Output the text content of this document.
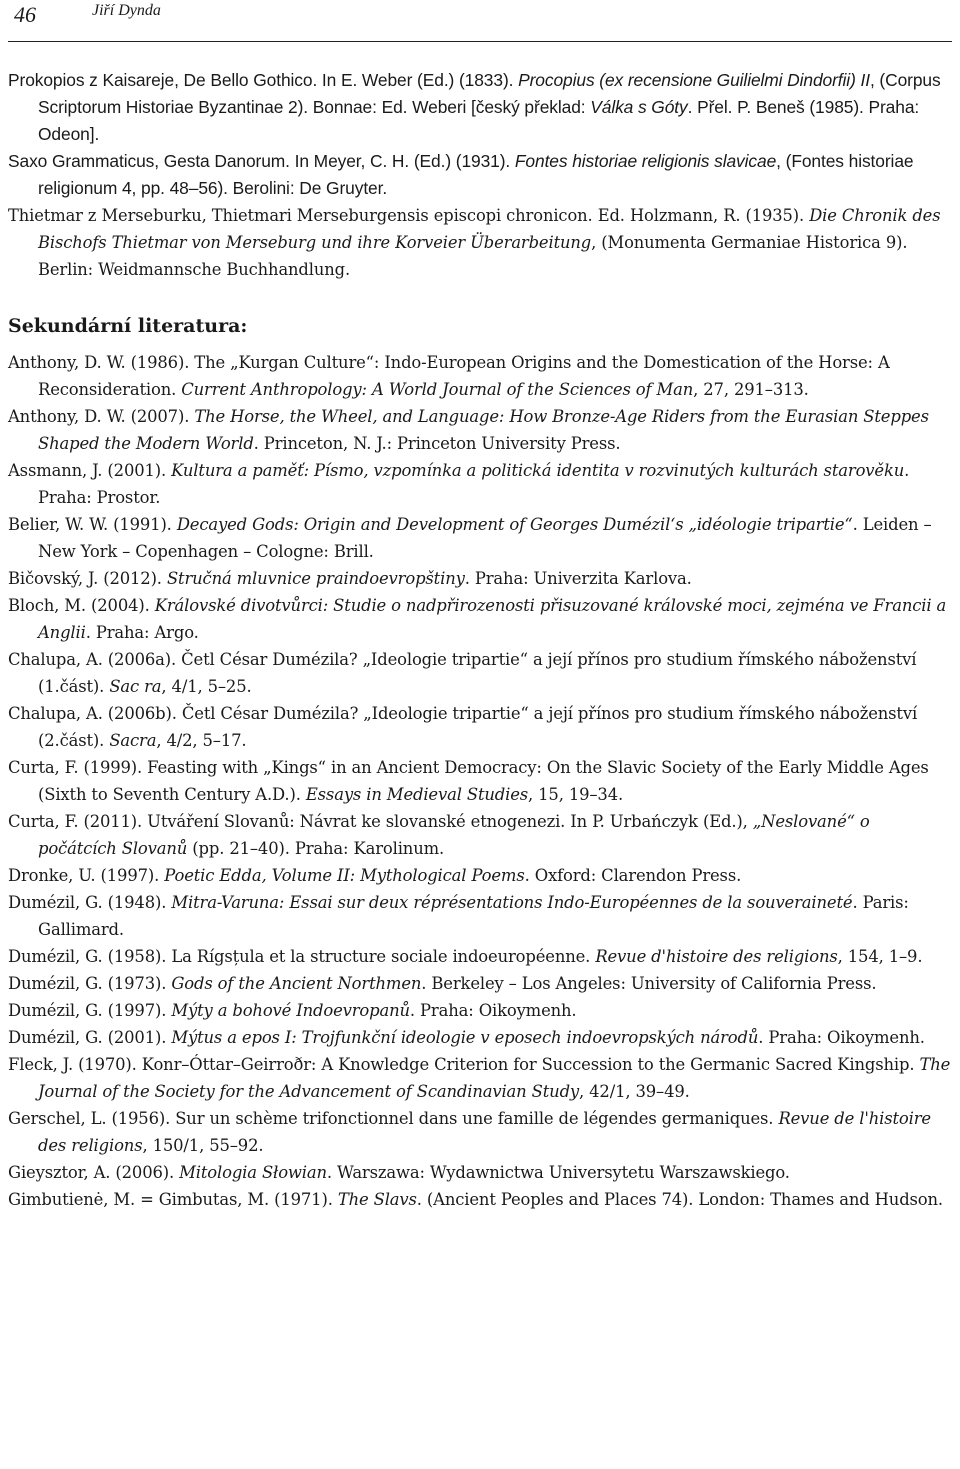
46	Jiří Dynda

Prokopios z Kaisareje, De Bello Gothico. In E. Weber (Ed.) (1833). Procopius (ex recensione Guilielmi Dindorfii) II, (Corpus Scriptorum Historiae Byzantinae 2). Bonnae: Ed. Weberi [český překlad: Válka s Góty. Přel. P. Beneš (1985). Praha: Odeon].

Saxo Grammaticus, Gesta Danorum. In Meyer, C. H. (Ed.) (1931). Fontes historiae religionis slavicae, (Fontes historiae religionum 4, pp. 48–56). Berolini: De Gruyter.

Thietmar z Merseburku, Thietmari Merseburgensis episcopi chronicon. Ed. Holzmann, R. (1935). Die Chronik des Bischofs Thietmar von Merseburg und ihre Korveier Überarbeitung, (Monumenta Germaniae Historica 9). Berlin: Weidmannsche Buchhandlung.

Sekundární literatura:

Anthony, D. W. (1986). The „Kurgan Culture“: Indo-European Origins and the Domestication of the Horse: A Reconsideration. Current Anthropology: A World Journal of the Sciences of Man, 27, 291–313.

Anthony, D. W. (2007). The Horse, the Wheel, and Language: How Bronze-Age Riders from the Eurasian Steppes Shaped the Modern World. Princeton, N. J.: Princeton University Press.

Assmann, J. (2001). Kultura a paměť: Písmo, vzpomínka a politická identita v rozvinutých kulturách starověku. Praha: Prostor.

Belier, W. W. (1991). Decayed Gods: Origin and Development of Georges Dumézil‘s „idéologie tripartie“. Leiden – New York – Copenhagen – Cologne: Brill.

Bičovský, J. (2012). Stručná mluvnice praindoevropštiny. Praha: Univerzita Karlova.

Bloch, M. (2004). Královské divotvůrci: Studie o nadpřirozenosti přisuzované královské moci, zejména ve Francii a Anglii. Praha: Argo.

Chalupa, A. (2006a). Četl César Dumézila? „Ideologie tripartie“ a její přínos pro studium římského náboženství (1.část). Sac ra, 4/1, 5–25.

Chalupa, A. (2006b). Četl César Dumézila? „Ideologie tripartie“ a její přínos pro studium římského náboženství (2.část). Sacra, 4/2, 5–17.

Curta, F. (1999). Feasting with „Kings“ in an Ancient Democracy: On the Slavic Society of the Early Middle Ages (Sixth to Seventh Century A.D.). Essays in Medieval Studies, 15, 19–34.

Curta, F. (2011). Utváření Slovanů: Návrat ke slovanské etnogenezi. In P. Urbańczyk (Ed.), „Neslované“ o počátcích Slovanů (pp. 21–40). Praha: Karolinum.

Dronke, U. (1997). Poetic Edda, Volume II: Mythological Poems. Oxford: Clarendon Press.

Dumézil, G. (1948). Mitra-Varuna: Essai sur deux réprésentations Indo-Européennes de la souveraineté. Paris: Gallimard.

Dumézil, G. (1958). La Rígsțula et la structure sociale indoeuropéenne. Revue d'histoire des religions, 154, 1–9.

Dumézil, G. (1973). Gods of the Ancient Northmen. Berkeley – Los Angeles: University of California Press.

Dumézil, G. (1997). Mýty a bohové Indoevropanů. Praha: Oikoymenh.

Dumézil, G. (2001). Mýtus a epos I: Trojfunkční ideologie v eposech indoevropských národů. Praha: Oikoymenh.

Fleck, J. (1970). Konr–Óttar–Geirroðr: A Knowledge Criterion for Succession to the Germanic Sacred Kingship. The Journal of the Society for the Advancement of Scandinavian Study, 42/1, 39–49.

Gerschel, L. (1956). Sur un schème trifonctionnel dans une famille de légendes germaniques. Revue de l'histoire des religions, 150/1, 55–92.

Gieysztor, A. (2006). Mitologia Słowian. Warszawa: Wydawnictwa Universytetu Warszawskiego.

Gimbutienė, M. = Gimbutas, M. (1971). The Slavs. (Ancient Peoples and Places 74). London: Thames and Hudson.
